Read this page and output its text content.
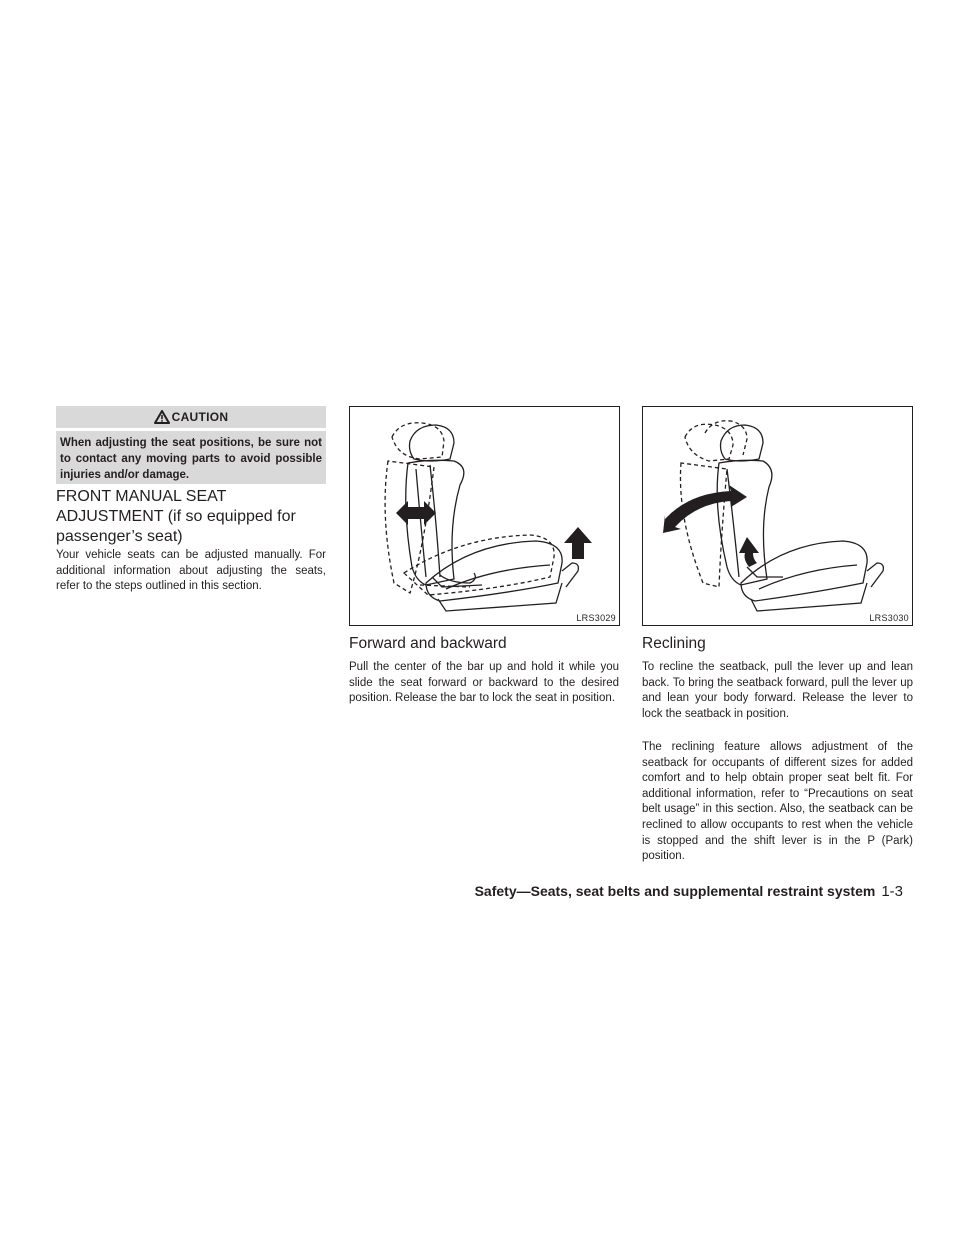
CAUTION
When adjusting the seat positions, be sure not to contact any moving parts to avoid possible injuries and/or damage.
FRONT MANUAL SEAT
ADJUSTMENT (if so equipped for
passenger’s seat)

Your vehicle seats can be adjusted manually. For additional information about adjusting the seats, refer to the steps outlined in this section.

LRS3029
Forward and backward

Pull the center of the bar up and hold it while you slide the seat forward or backward to the desired position. Release the bar to lock the seat in position.

LRS3030
Reclining

To recline the seatback, pull the lever up and lean back. To bring the seatback forward, pull the lever up and lean your body forward. Release the lever to lock the seatback in position.

The reclining feature allows adjustment of the seatback for occupants of different sizes for added comfort and to help obtain proper seat belt fit. For additional information, refer to “Precautions on seat belt usage” in this section. Also, the seatback can be reclined to allow occupants to rest when the vehicle is stopped and the shift lever is in the P (Park) position.

Safety—Seats, seat belts and supplemental restraint system 1-3
